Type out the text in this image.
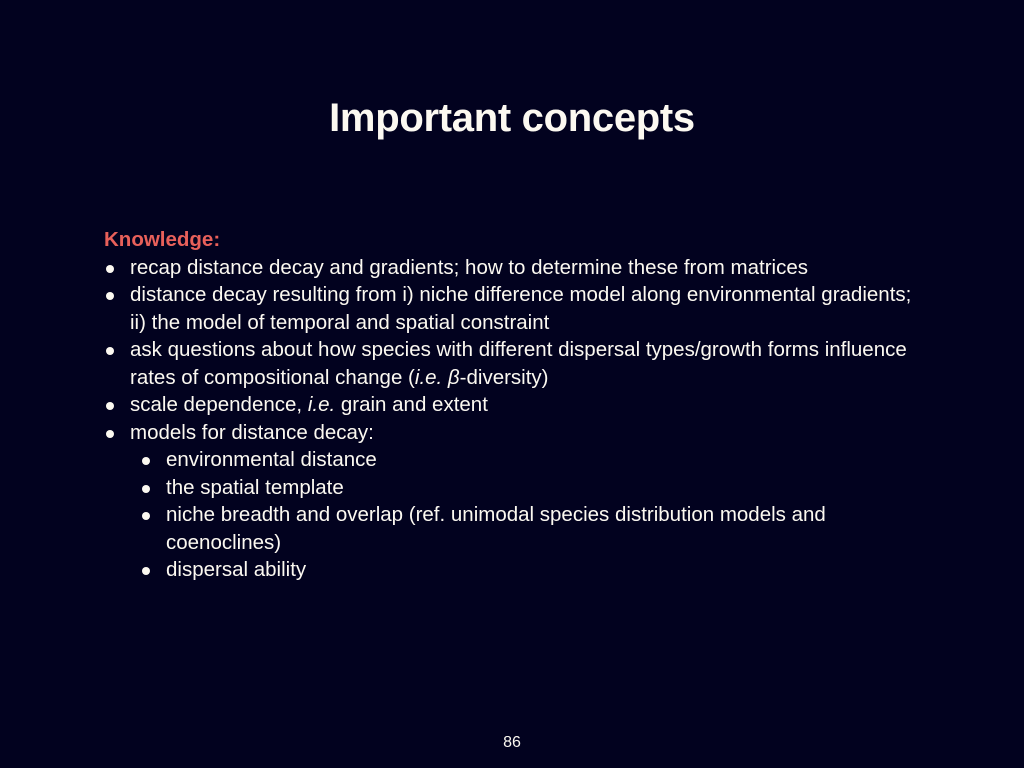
Important concepts

Knowledge:

recap distance decay and gradients; how to determine these from matrices
distance decay resulting from i) niche difference model along environmental gradients; ii) the model of temporal and spatial constraint
ask questions about how species with different dispersal types/growth forms influence rates of compositional change (i.e. β-diversity)
scale dependence, i.e. grain and extent
models for distance decay:
environmental distance
the spatial template
niche breadth and overlap (ref. unimodal species distribution models and coenoclines)
dispersal ability
86
